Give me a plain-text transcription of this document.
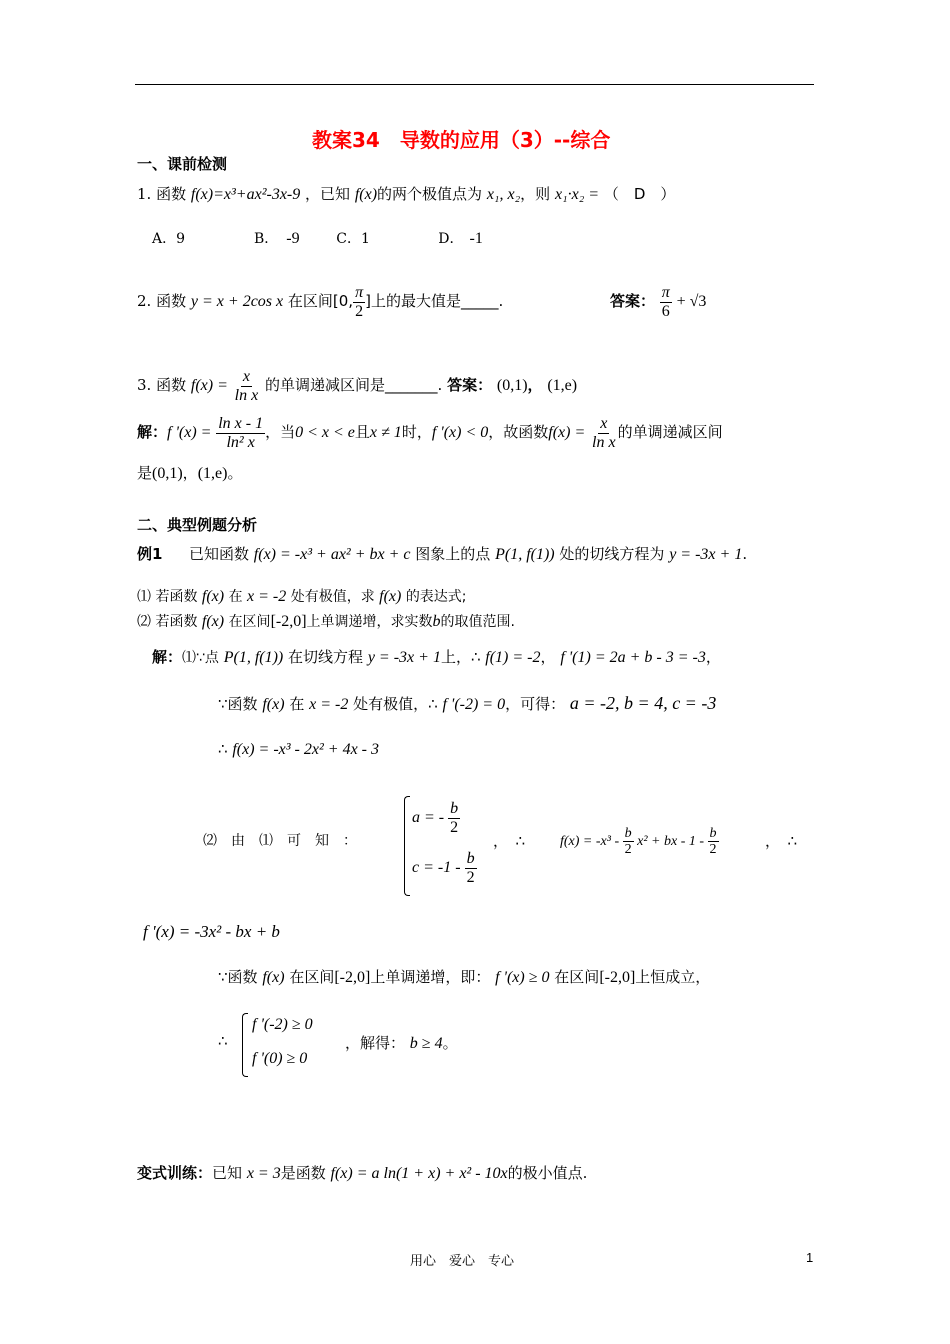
教案34　导数的应用（3）--综合
一、课前检测
1. 函数 f(x)=x³+ax²-3x-9 ，已知 f(x)的两个极值点为 x₁, x₂，则 x₁·x₂ = （　D　）
A．9	B． -9	C．1	D． -1
2. 函数 y = x + 2cos x 在区间[0, $\frac{\pi}{2}$ ]上的最大值是_____.	答案： $\frac{\pi}{6} + √3$
3. 函数 $f(x) = \frac{x}{\text{ln x}}$ 的单调递减区间是_______. 答案： (0,1)， (1,e)
解：f '$(x) = \frac{\text{ln x - 1}}{\text{ln² x}}$ ，当0 < x < e且x ≠ 1时，f '(x) < 0，故函数$f(x) = \frac{x}{\text{ln x}}$ 的单调递减区间
是(0,1)，(1,e)。
二、典型例题分析
例1 已知函数 f(x) = -x³ + ax² + bx + c 图象上的点 P(1, f(1)) 处的切线方程为 y = -3x + 1.
⑴ 若函数 f(x) 在 x = -2 处有极值，求 f(x) 的表达式;
⑵ 若函数 f(x) 在区间[-2,0]上单调递增，求实数b的取值范围.
解：⑴∵点 P(1, f(1)) 在切线方程 y = -3x + 1上，∴ f(1) = -2， f '(1) = 2a + b - 3 = -3，
∵函数 f(x) 在 x = -2 处有极值，∴ f '(-2) = 0，可得： a = -2, b = 4, c = -3
∴ f(x) = -x³ - 2x² + 4x - 3
⑵　由　⑴　可　知　：
a = - $\frac{b}{2}$
$c = -1 - \frac{b}{2}$
，　∴ $f(x) = -x^3 - \frac{b}{2} x^2$ + bx - $1 - \frac{b}{2}$	，　∴
f '(x) = -3x² - bx + b
∵函数 f(x) 在区间[-2,0]上单调递增，即： f '(x) ≥ 0 在区间[-2,0]上恒成立，
∴
f '(-2) ≥ 0
f '(0) ≥ 0
，解得： b ≥ 4。
变式训练：已知 x = 3是函数 f(x) = a ln(1 + x) + x² - 10x的极小值点.
用心　爱心　专心	1
